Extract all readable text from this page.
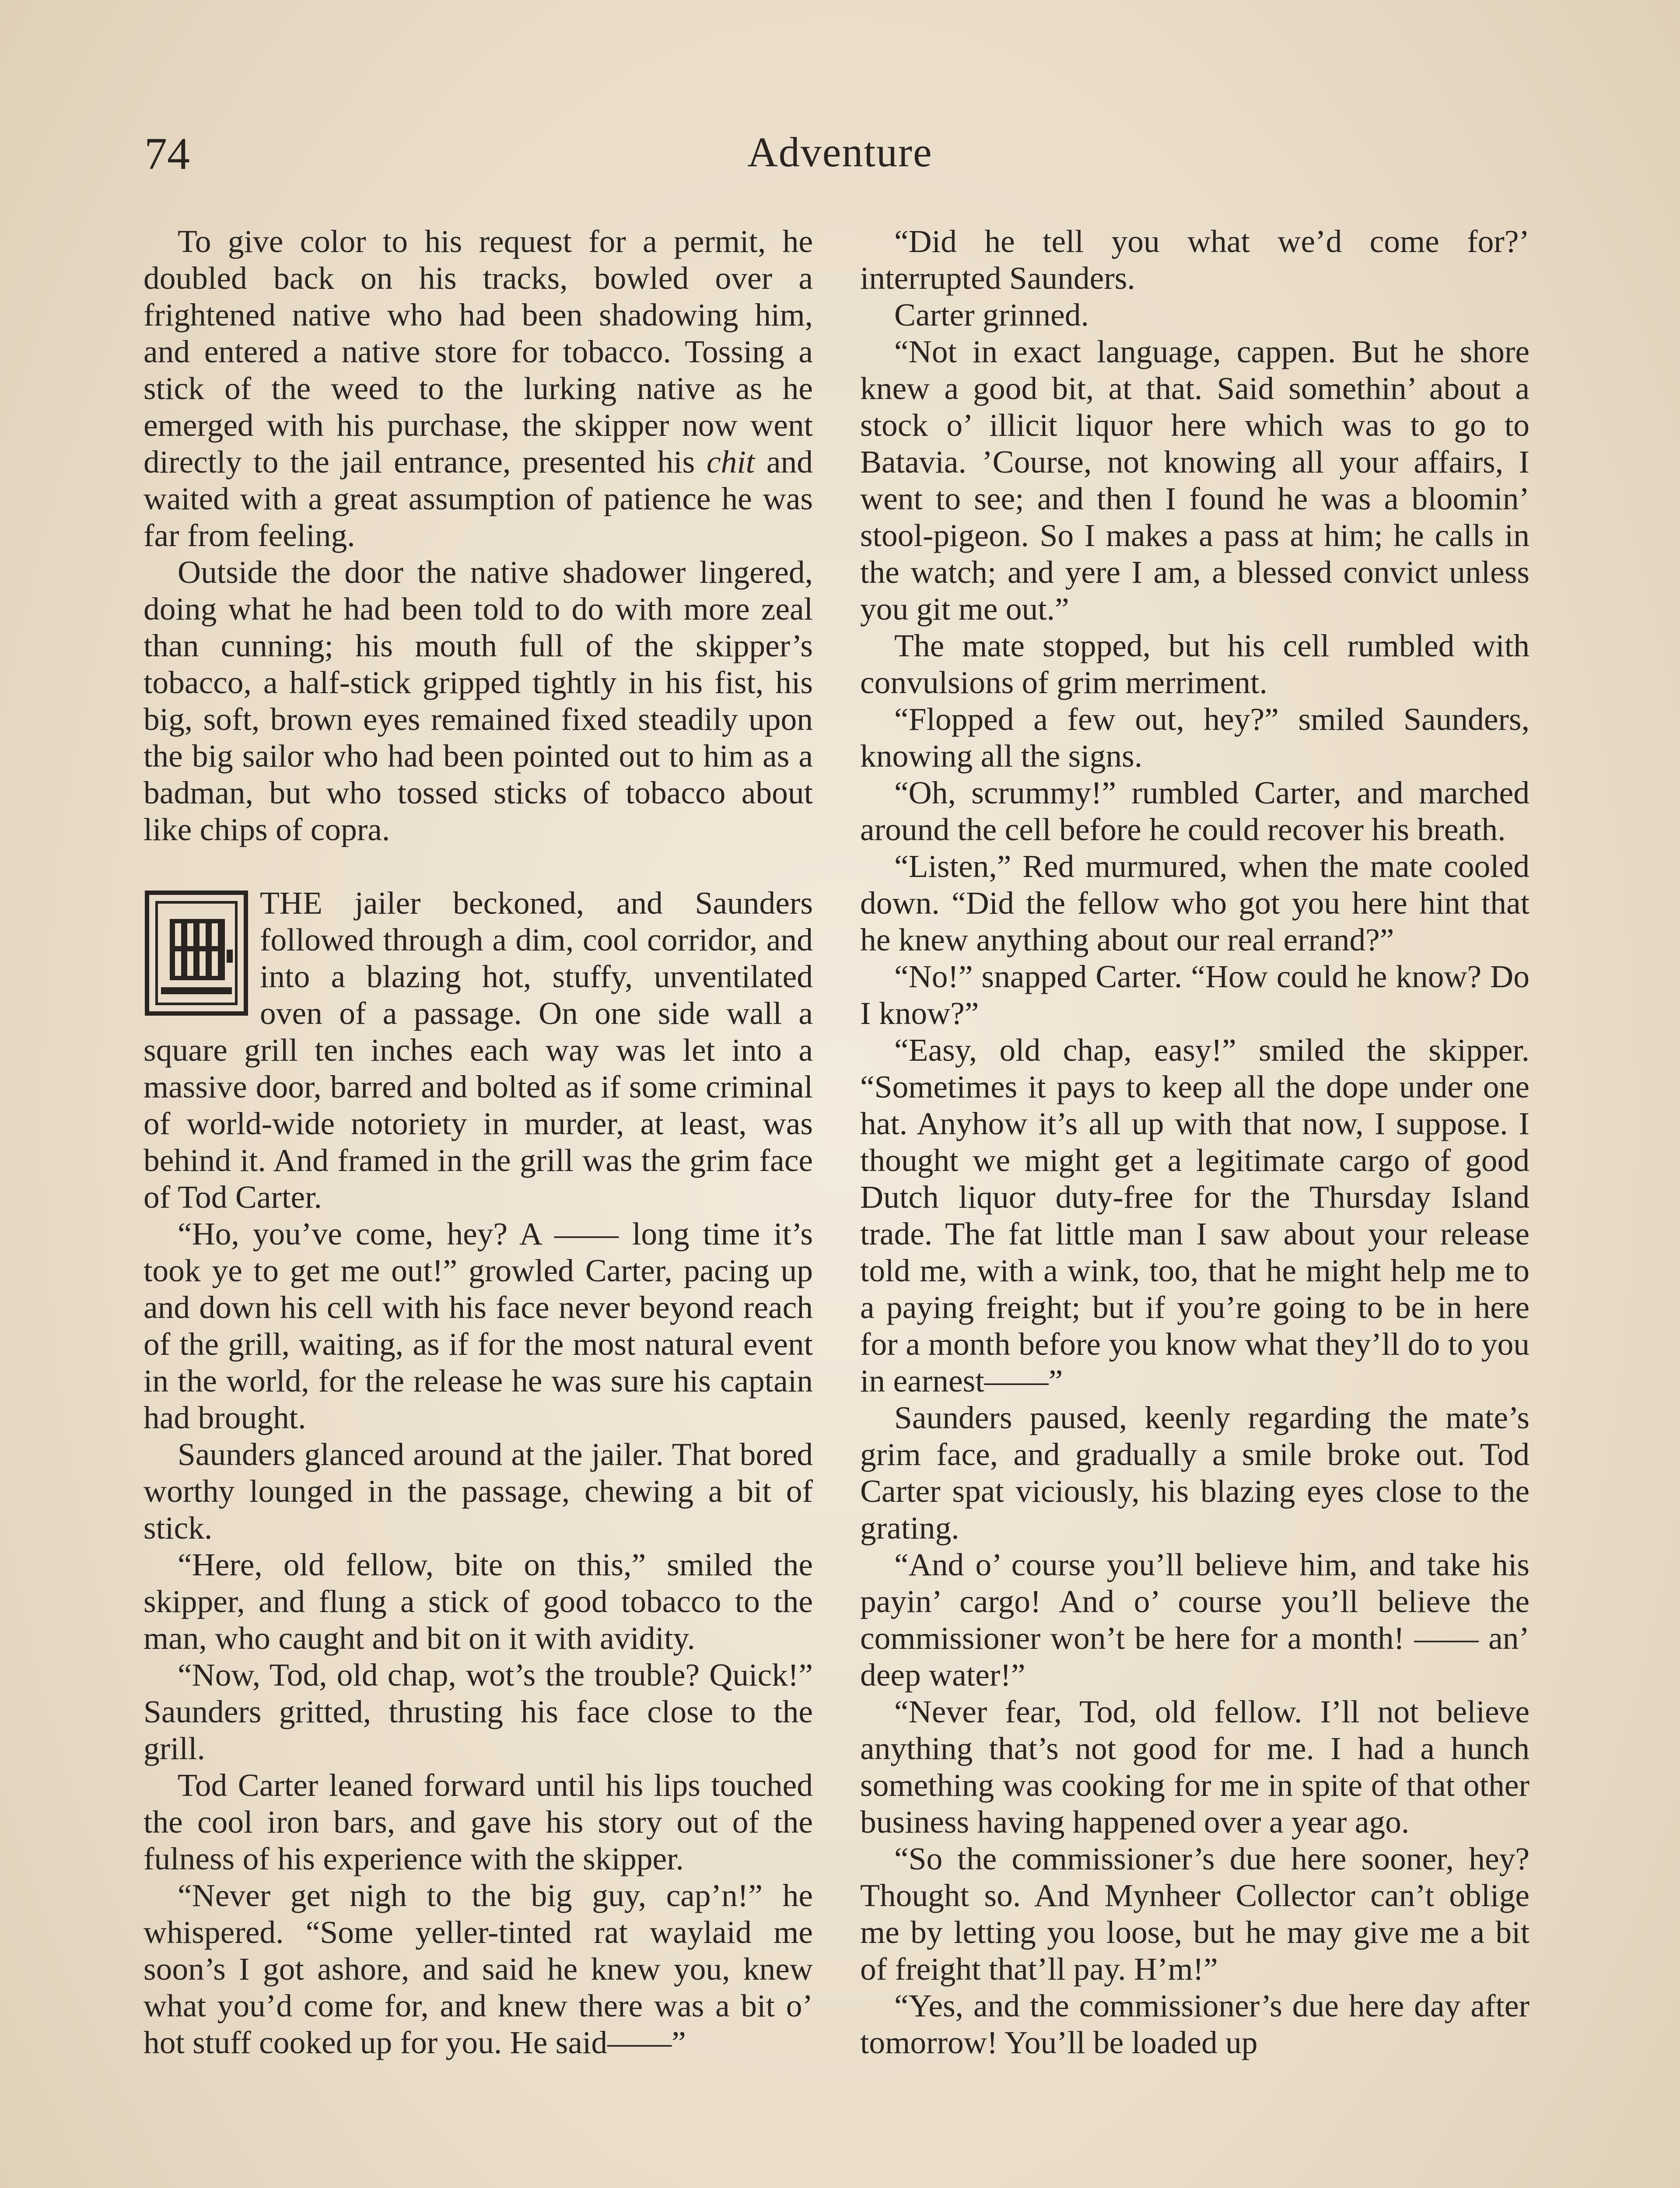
74	Adventure

To give color to his request for a permit, he doubled back on his tracks, bowled over a frightened native who had been shadowing him, and entered a native store for tobacco. Tossing a stick of the weed to the lurking native as he emerged with his purchase, the skipper now went directly to the jail entrance, presented his chit and waited with a great assumption of patience he was far from feeling.

Outside the door the native shadower lingered, doing what he had been told to do with more zeal than cunning; his mouth full of the skipper’s tobacco, a half-stick gripped tightly in his fist, his big, soft, brown eyes remained fixed steadily upon the big sailor who had been pointed out to him as a badman, but who tossed sticks of tobacco about like chips of copra.

THE jailer beckoned, and Saunders followed through a dim, cool corridor, and into a blazing hot, stuffy, unventilated oven of a passage. On one side wall a square grill ten inches each way was let into a massive door, barred and bolted as if some criminal of world-wide notoriety in murder, at least, was behind it. And framed in the grill was the grim face of Tod Carter.

“Ho, you’ve come, hey? A —— long time it’s took ye to get me out!” growled Carter, pacing up and down his cell with his face never beyond reach of the grill, waiting, as if for the most natural event in the world, for the release he was sure his captain had brought.

Saunders glanced around at the jailer. That bored worthy lounged in the passage, chewing a bit of stick.

“Here, old fellow, bite on this,” smiled the skipper, and flung a stick of good tobacco to the man, who caught and bit on it with avidity.

“Now, Tod, old chap, wot’s the trouble? Quick!” Saunders gritted, thrusting his face close to the grill.

Tod Carter leaned forward until his lips touched the cool iron bars, and gave his story out of the fulness of his experience with the skipper.

“Never get nigh to the big guy, cap’n!” he whispered. “Some yeller-tinted rat waylaid me soon’s I got ashore, and said he knew you, knew what you’d come for, and knew there was a bit o’ hot stuff cooked up for you. He said——”

“Did he tell you what we’d come for?’ interrupted Saunders.

Carter grinned.

“Not in exact language, cappen. But he shore knew a good bit, at that. Said somethin’ about a stock o’ illicit liquor here which was to go to Batavia. ’Course, not knowing all your affairs, I went to see; and then I found he was a bloomin’ stool-pigeon. So I makes a pass at him; he calls in the watch; and yere I am, a blessed convict unless you git me out.”

The mate stopped, but his cell rumbled with convulsions of grim merriment.

“Flopped a few out, hey?” smiled Saunders, knowing all the signs.

“Oh, scrummy!” rumbled Carter, and marched around the cell before he could recover his breath.

“Listen,” Red murmured, when the mate cooled down. “Did the fellow who got you here hint that he knew anything about our real errand?”

“No!” snapped Carter. “How could he know? Do I know?”

“Easy, old chap, easy!” smiled the skipper. “Sometimes it pays to keep all the dope under one hat. Anyhow it’s all up with that now, I suppose. I thought we might get a legitimate cargo of good Dutch liquor duty-free for the Thursday Island trade. The fat little man I saw about your release told me, with a wink, too, that he might help me to a paying freight; but if you’re going to be in here for a month before you know what they’ll do to you in earnest——”

Saunders paused, keenly regarding the mate’s grim face, and gradually a smile broke out. Tod Carter spat viciously, his blazing eyes close to the grating.

“And o’ course you’ll believe him, and take his payin’ cargo! And o’ course you’ll believe the commissioner won’t be here for a month! —— an’ deep water!”

“Never fear, Tod, old fellow. I’ll not believe anything that’s not good for me. I had a hunch something was cooking for me in spite of that other business having happened over a year ago.

“So the commissioner’s due here sooner, hey? Thought so. And Mynheer Collector can’t oblige me by letting you loose, but he may give me a bit of freight that’ll pay. H’m!”

“Yes, and the commissioner’s due here day after tomorrow! You’ll be loaded up
